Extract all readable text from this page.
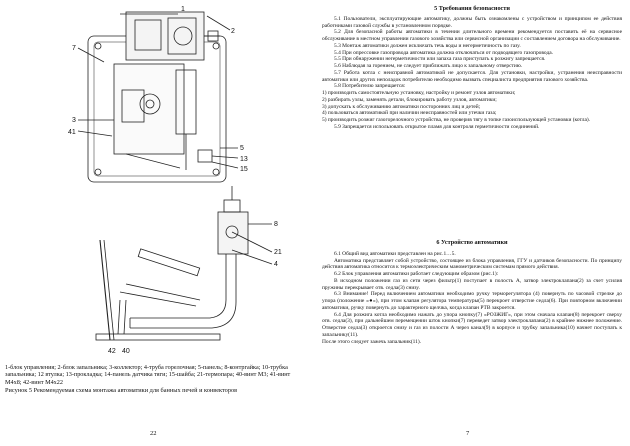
1
2
7
3
41
5
13
15
8
21
4
42 40
1-блок управления; 2-блок запальника; 3-коллектор; 4-труба горелочная; 5-панель; 8-контргайка; 10-трубка запальника; 12 втулка; 13-прокладка; 14-панель датчика тяги; 15-шайба; 21-термопара; 40-винт М3; 41-винт М4х8; 42-винт М4х22
Рисунок 5 Рекомендуемая схема монтажа автоматики для банных печей и конвекторов
22

5 Требования безопасности

5.1 Пользователи, эксплуатирующие автоматику, должны быть ознакомлены с устройством и принципом ее действия работниками газовой службы в установленном порядке.

5.2 Для безопасной работы автоматики в течении длительного времени рекомендуется поставить её на сервисное обслуживание в местном управлении газового хозяйства или сервисной организации с составлением договора на обслуживание.

5.3 Монтаж автоматики должен исключать течь воды и негерметичность по газу.

5.4 При опрессовке газопровода автоматика должна отключаться от подводящего газопровода.

5.5 При обнаружении негерметичности или запаха газа приступать к розжигу запрещается.

5.6 Наблюдая за горением, не следует приближать лицо к запальному отверстию.

5.7 Работа котла с неисправной автоматикой не допускается. Для установки, настройки, устранения неисправности автоматики или других неполадок потребителю необходимо вызвать специалиста предприятия газового хозяйства.

5.8 Потребителю запрещается:

1) производить самостоятельную установку, настройку и ремонт узлов автоматики;

2) разбирать узлы, заменять детали, блокировать работу узлов, автоматики;

3) допускать к обслуживанию автоматики посторонних лиц и детей;

4) пользоваться автоматикой при наличии неисправностей или утечки газа;

5) производить розжиг газогорелочного устройства, не проверив тягу в топке газоиспользующей установки (котла).

5.9 Запрещается использовать открытое пламя для контроля герметичности соединений.

6 Устройство автоматики

6.1 Общий вид автоматики представлен на рис.1…5.

Автоматика представляет собой устройство, состоящее из блока управления, ГГУ и датчиков безопасности. По принципу действия автоматика относится к термоэлектрическим манометрическим системам прямого действия.

6.2 Блок управления автоматики работает следующим образом (рис.1):

В исходном положении газ из сети через фильтр(1) поступает в полость А, затвор электроклапана(2) за счет усилия пружины перекрывает отв. седла(3) снизу.

6.3 Внимание! Перед включением автоматики необходимо ручку терморегулятора (4) повернуть по часовой стрелке до упора (положение «●»), при этом клапан регулятора температуры(5) перекроет отверстие седла(6). При повторном включении автоматики, ручку повернуть до характерного щелчка, когда клапан РТВ закроется.

6.4 Для розжига котла необходимо нажать до упора кнопку(7) «РОЗЖИГ», при этом сначала клапан(8) перекроет сверху отв. седла(3), при дальнейшем перемещении шток кнопки(7) переведет затвор электроклапана(2) в крайнее нижнее положение. Отверстие седла(3) откроется снизу и газ из полости А через канал(9) в корпусе и трубку запальника(10) начнет поступать к запальнику(11).

После этого следует зажечь запальник(11).

7
